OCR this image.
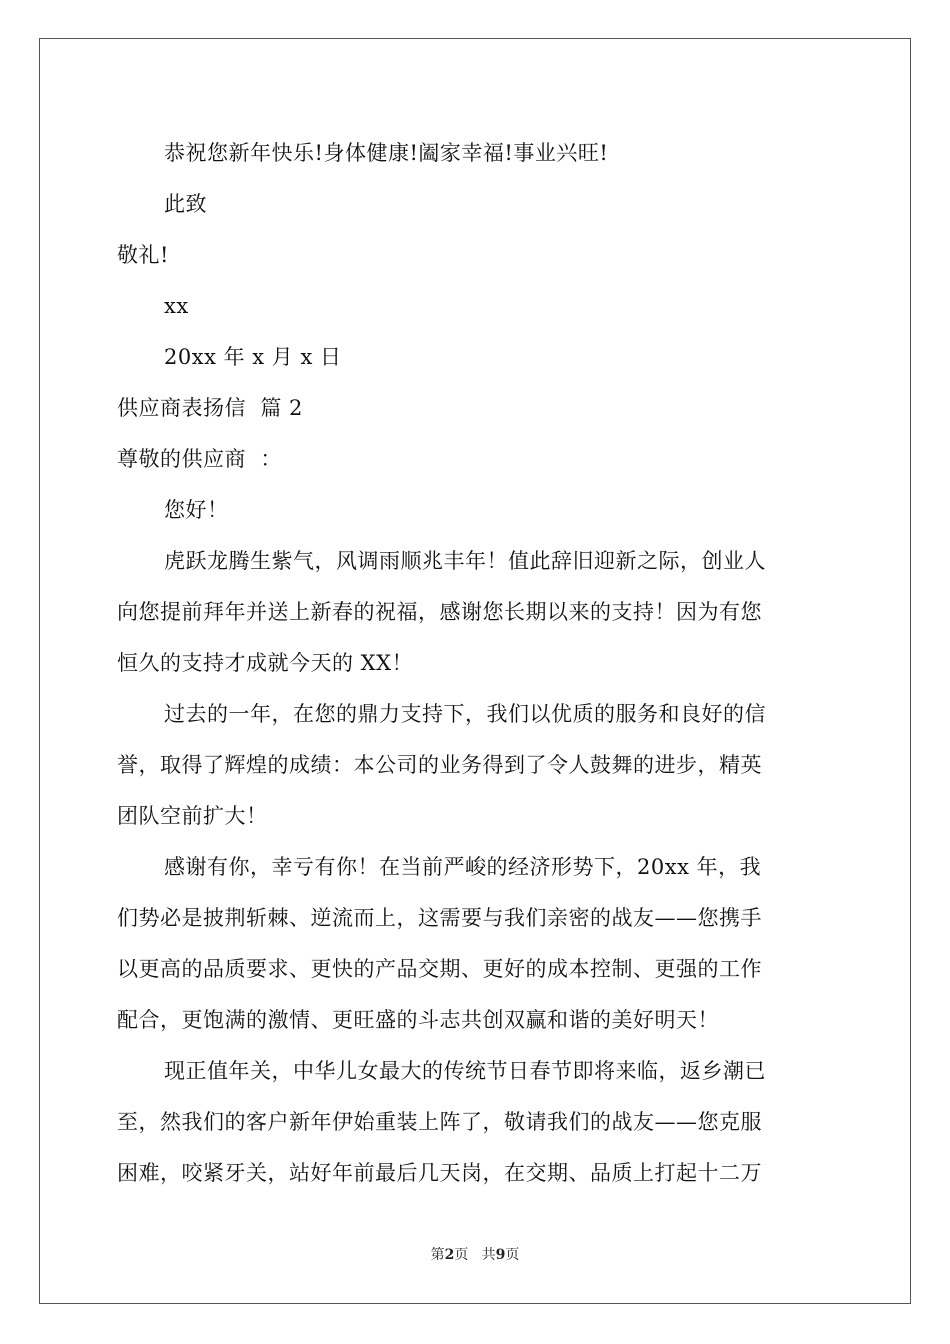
恭祝您新年快乐!身体健康!阖家幸福!事业兴旺!
此致
敬礼!
xx
20xx 年 x 月 x 日
供应商表扬信  篇 2
尊敬的供应商  ：
您好！
虎跃龙腾生紫气，风调雨顺兆丰年！值此辞旧迎新之际，创业人
向您提前拜年并送上新春的祝福，感谢您长期以来的支持！因为有您
恒久的支持才成就今天的 XX！
过去的一年，在您的鼎力支持下，我们以优质的服务和良好的信
誉，取得了辉煌的成绩：本公司的业务得到了令人鼓舞的进步，精英
团队空前扩大！
感谢有你，幸亏有你！在当前严峻的经济形势下，20xx 年，我
们势必是披荆斩棘、逆流而上，这需要与我们亲密的战友——您携手
以更高的品质要求、更快的产品交期、更好的成本控制、更强的工作
配合，更饱满的激情、更旺盛的斗志共创双赢和谐的美好明天！
现正值年关，中华儿女最大的传统节日春节即将来临，返乡潮已
至，然我们的客户新年伊始重装上阵了，敬请我们的战友——您克服
困难，咬紧牙关，站好年前最后几天岗，在交期、品质上打起十二万
第2页   共9页
